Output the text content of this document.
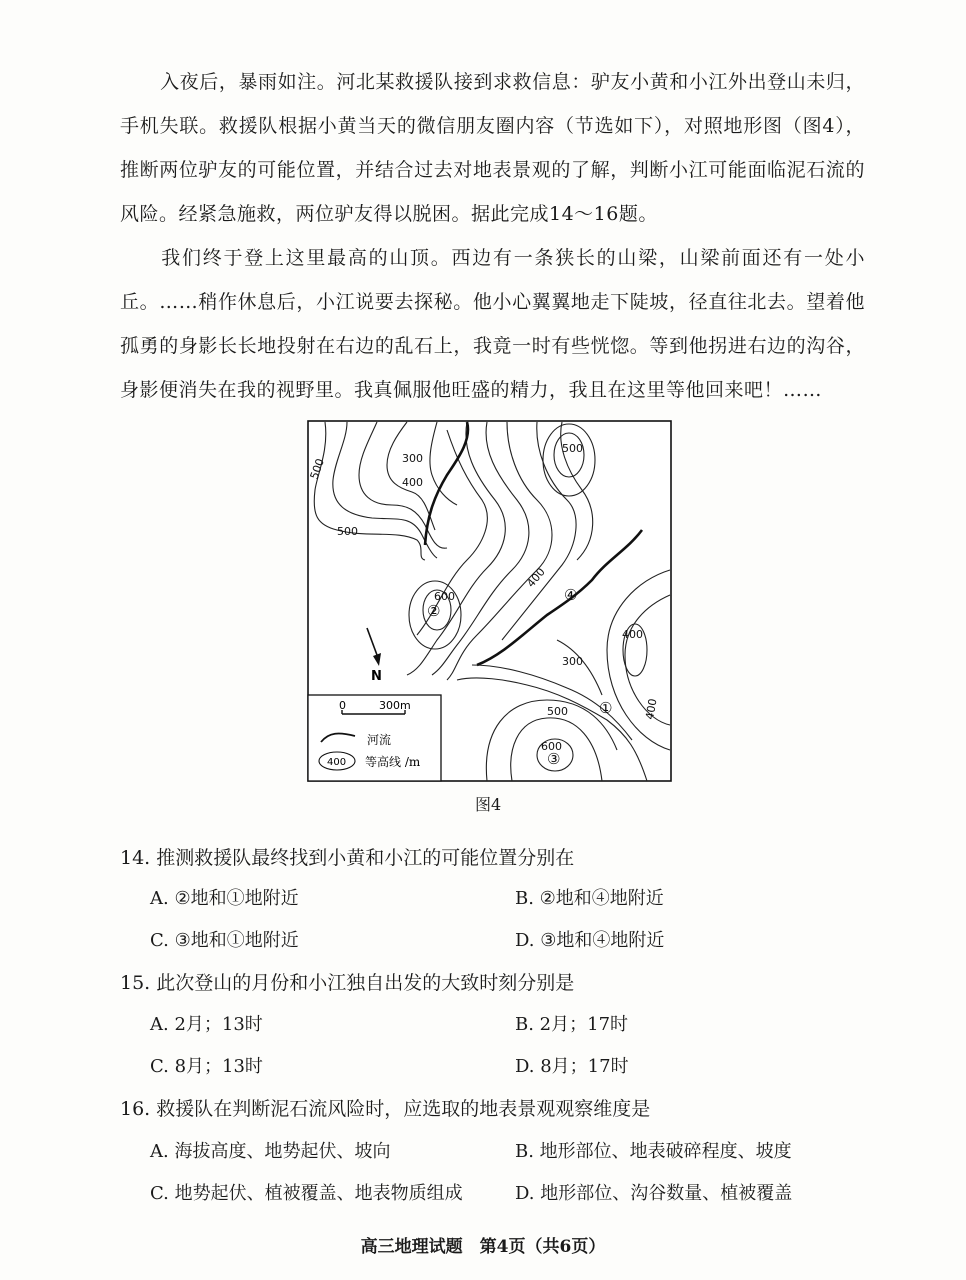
入夜后，暴雨如注。河北某救援队接到求救信息：驴友小黄和小江外出登山未归，手机失联。救援队根据小黄当天的微信朋友圈内容（节选如下），对照地形图（图4），推断两位驴友的可能位置，并结合过去对地表景观的了解，判断小江可能面临泥石流的风险。经紧急施救，两位驴友得以脱困。据此完成14～16题。

我们终于登上这里最高的山顶。西边有一条狭长的山梁，山梁前面还有一处小丘。……稍作休息后，小江说要去探秘。他小心翼翼地走下陡坡，径直往北去。望着他孤勇的身影长长地投射在右边的乱石上，我竟一时有些恍惚。等到他拐进右边的沟谷，身影便消失在我的视野里。我真佩服他旺盛的精力，我且在这里等他回来吧！……

500	300
400
500
500
600
400
400
300
500
600
400
①
②
③
④
N
0	300m
河流
400 等高线 /m
图4
14. 推测救援队最终找到小黄和小江的可能位置分别在
A. ②地和①地附近	B. ②地和④地附近
C. ③地和①地附近	D. ③地和④地附近
15. 此次登山的月份和小江独自出发的大致时刻分别是
A. 2月；13时	B. 2月；17时
C. 8月；13时	D. 8月；17时
16. 救援队在判断泥石流风险时，应选取的地表景观观察维度是
A. 海拔高度、地势起伏、坡向	B. 地形部位、地表破碎程度、坡度
C. 地势起伏、植被覆盖、地表物质组成	D. 地形部位、沟谷数量、植被覆盖
高三地理试题　第4页（共6页）
